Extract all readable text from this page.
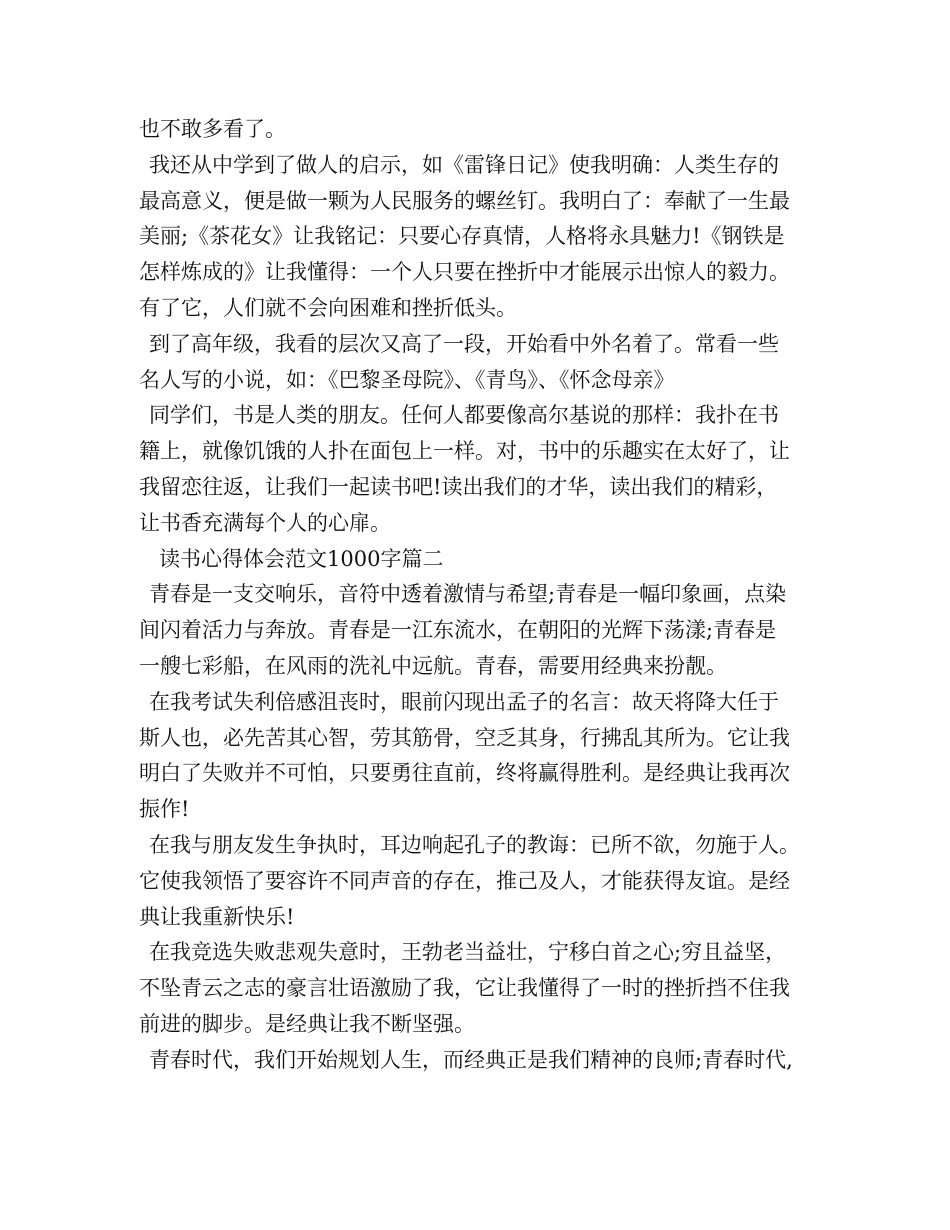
也不敢多看了。
我还从中学到了做人的启示，如《雷锋日记》使我明确：人类生存的
最高意义，便是做一颗为人民服务的螺丝钉。我明白了：奉献了一生最
美丽;《茶花女》让我铭记：只要心存真情，人格将永具魅力!《钢铁是
怎样炼成的》让我懂得：一个人只要在挫折中才能展示出惊人的毅力。
有了它，人们就不会向困难和挫折低头。
到了高年级，我看的层次又高了一段，开始看中外名着了。常看一些
名人写的小说，如：《巴黎圣母院》、《青鸟》、《怀念母亲》
同学们，书是人类的朋友。任何人都要像高尔基说的那样：我扑在书
籍上，就像饥饿的人扑在面包上一样。对，书中的乐趣实在太好了，让
我留恋往返，让我们一起读书吧!读出我们的才华，读出我们的精彩，
让书香充满每个人的心扉。
读书心得体会范文1000字篇二
青春是一支交响乐，音符中透着激情与希望;青春是一幅印象画，点染
间闪着活力与奔放。青春是一江东流水，在朝阳的光辉下荡漾;青春是
一艘七彩船，在风雨的洗礼中远航。青春，需要用经典来扮靓。
在我考试失利倍感沮丧时，眼前闪现出孟子的名言：故天将降大任于
斯人也，必先苦其心智，劳其筋骨，空乏其身，行拂乱其所为。它让我
明白了失败并不可怕，只要勇往直前，终将赢得胜利。是经典让我再次
振作!
在我与朋友发生争执时，耳边响起孔子的教诲：已所不欲，勿施于人。
它使我领悟了要容许不同声音的存在，推己及人，才能获得友谊。是经
典让我重新快乐!
在我竞选失败悲观失意时，王勃老当益壮，宁移白首之心;穷且益坚，
不坠青云之志的豪言壮语激励了我，它让我懂得了一时的挫折挡不住我
前进的脚步。是经典让我不断坚强。
青春时代，我们开始规划人生，而经典正是我们精神的良师;青春时代,
